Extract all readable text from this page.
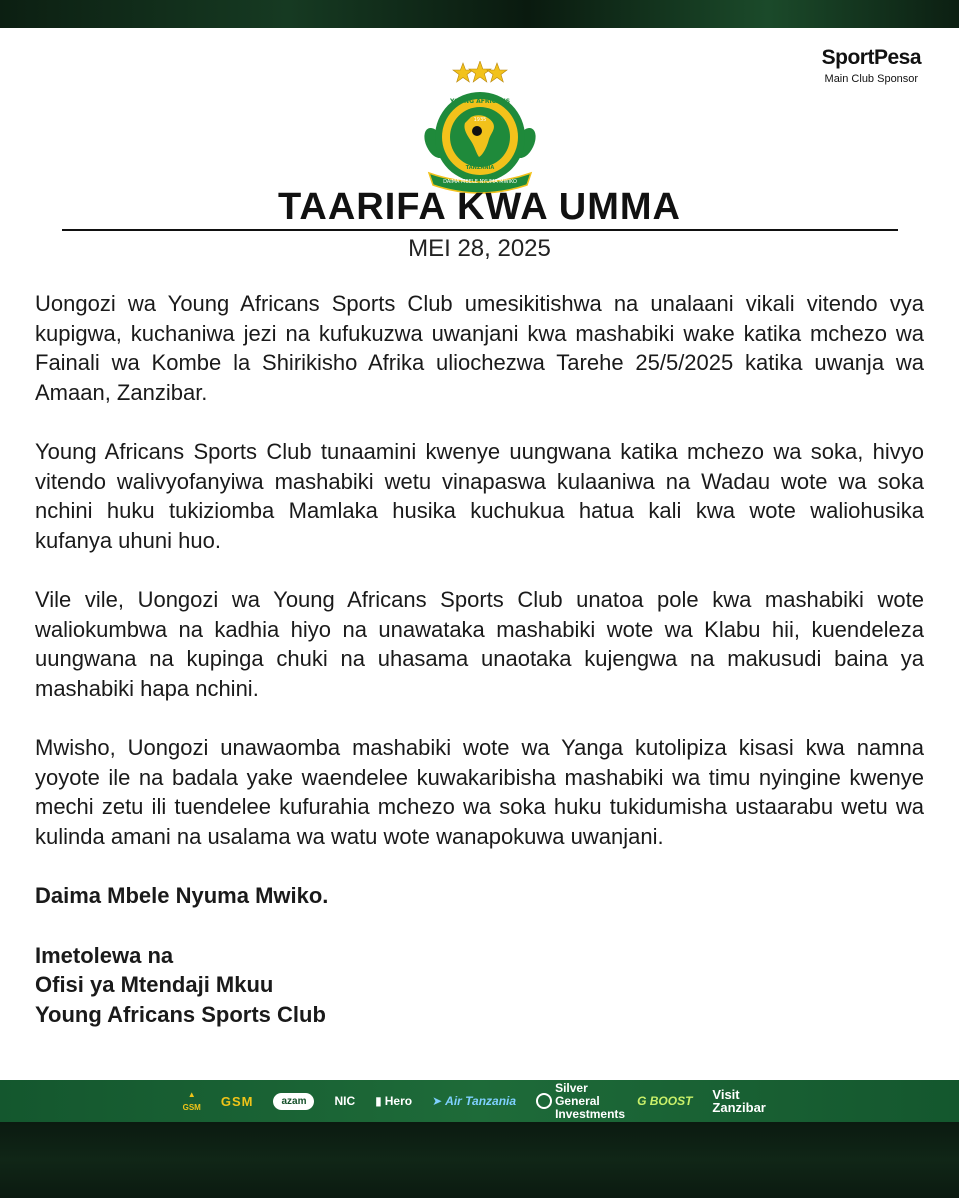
SportPesa
Main Club Sponsor
DAIMA MBELE NYUMA MWIKO
YOUNG AFRICANS
1935
TANZANIA
TAARIFA KWA UMMA
MEI 28, 2025

Uongozi wa Young Africans Sports Club umesikitishwa na unalaani vikali vitendo vya kupigwa, kuchaniwa jezi na kufukuzwa uwanjani kwa mashabiki wake katika mchezo wa Fainali wa Kombe la Shirikisho Afrika uliochezwa Tarehe 25/5/2025 katika uwanja wa Amaan, Zanzibar.

Young Africans Sports Club tunaamini kwenye uungwana katika mchezo wa soka, hivyo vitendo walivyofanyiwa mashabiki wetu vinapaswa kulaaniwa na Wadau wote wa soka nchini huku tukiziomba Mamlaka husika kuchukua hatua kali kwa wote waliohusika kufanya uhuni huo.

Vile vile, Uongozi wa Young Africans Sports Club unatoa pole kwa mashabiki wote waliokumbwa na kadhia hiyo na unawataka mashabiki wote wa Klabu hii, kuendeleza uungwana na kupinga chuki na uhasama unaotaka kujengwa na makusudi baina ya mashabiki hapa nchini.

Mwisho, Uongozi unawaomba mashabiki wote wa Yanga kutolipiza kisasi kwa namna yoyote ile na badala yake waendelee kuwakaribisha mashabiki wa timu nyingine kwenye mechi zetu ili tuendelee kufurahia mchezo wa soka huku tukidumisha ustaarabu wetu wa kulinda amani na usalama wa watu wote wanapokuwa uwanjani.

Daima Mbele Nyuma Mwiko.

Imetolewa na
Ofisi ya Mtendaji Mkuu
Young Africans Sports Club
▲
GSM GSM	azam	NIC ▮ Hero ➤ Air Tanzania
Silver General Investments
G BOOST Visit Zanzibar
